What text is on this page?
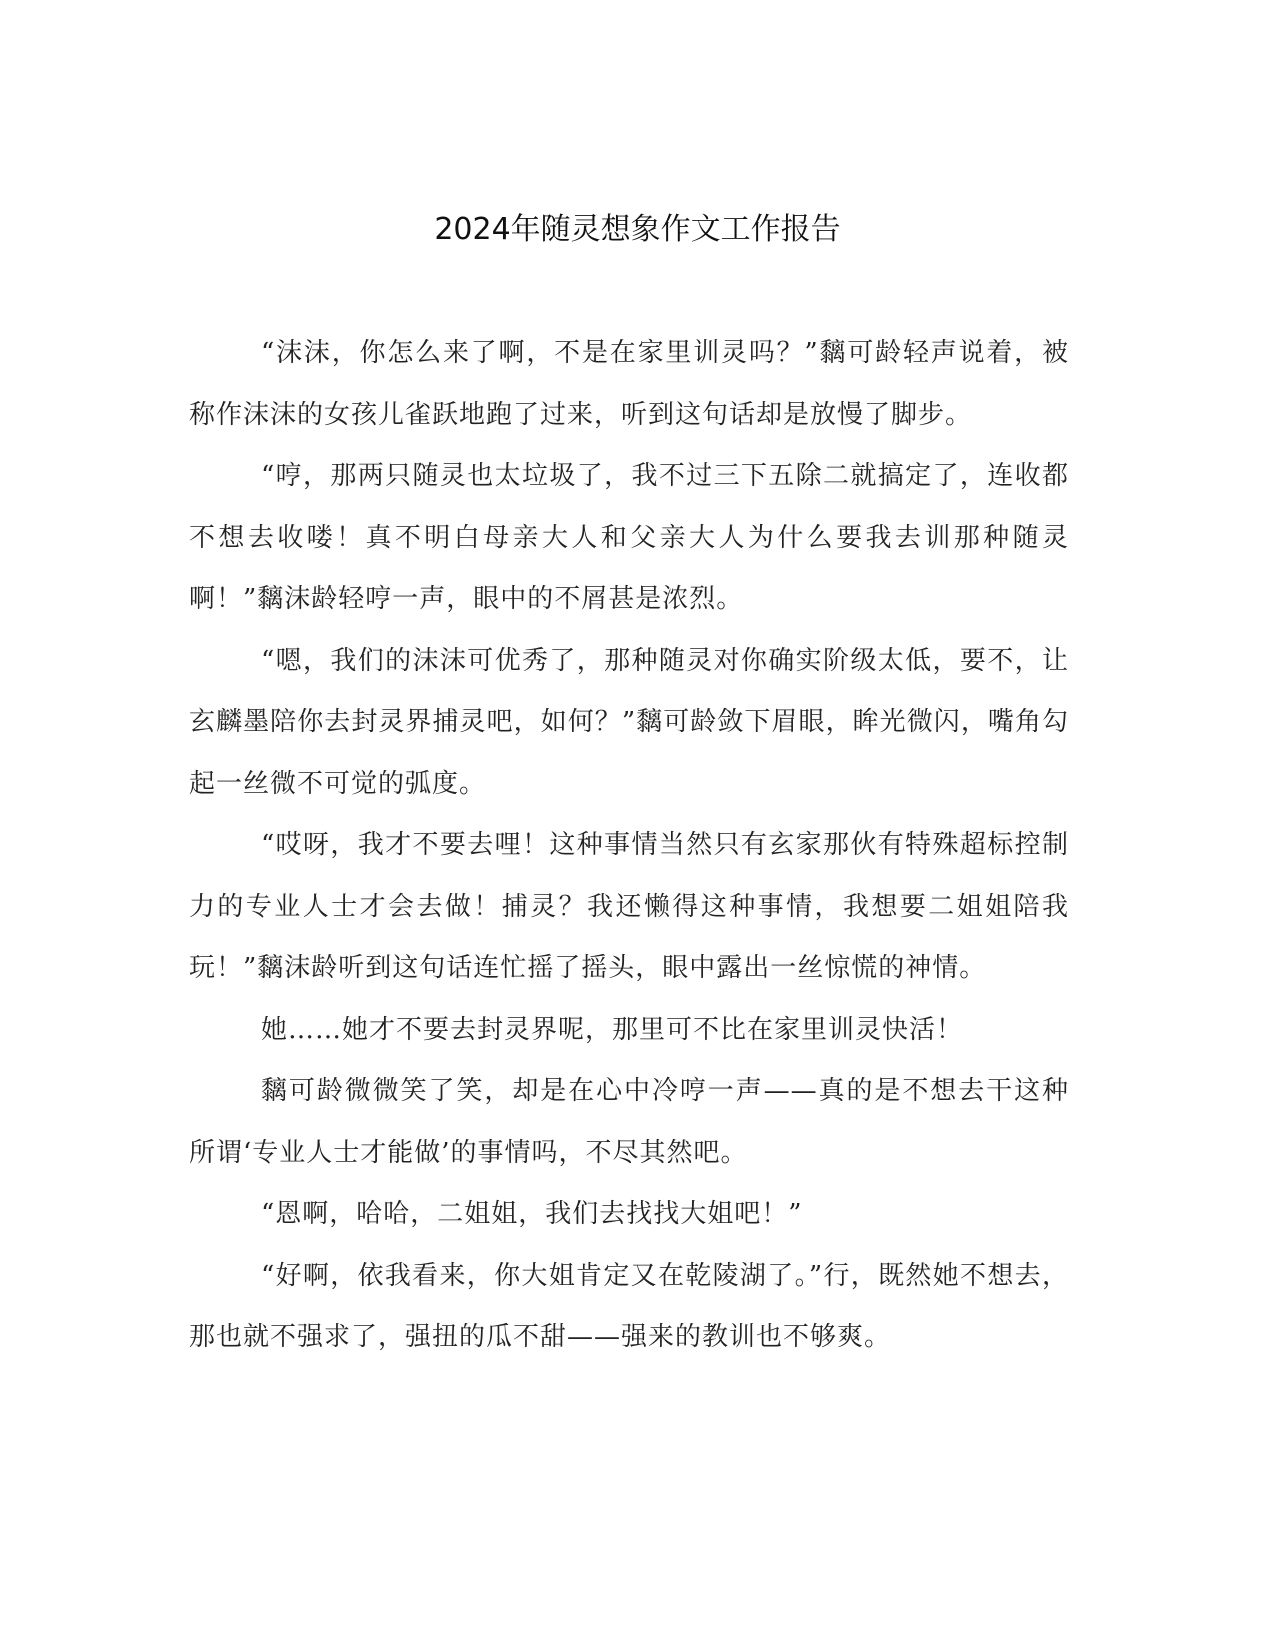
2024年随灵想象作文工作报告

“沫沫，你怎么来了啊，不是在家里训灵吗？”黐可龄轻声说着，被称作沫沫的女孩儿雀跃地跑了过来，听到这句话却是放慢了脚步。

“哼，那两只随灵也太垃圾了，我不过三下五除二就搞定了，连收都不想去收喽！真不明白母亲大人和父亲大人为什么要我去训那种随灵啊！”黐沫龄轻哼一声，眼中的不屑甚是浓烈。

“嗯，我们的沫沫可优秀了，那种随灵对你确实阶级太低，要不，让玄麟墨陪你去封灵界捕灵吧，如何？”黐可龄敛下眉眼，眸光微闪，嘴角勾起一丝微不可觉的弧度。

“哎呀，我才不要去哩！这种事情当然只有玄家那伙有特殊超标控制力的专业人士才会去做！捕灵？我还懒得这种事情，我想要二姐姐陪我玩！”黐沫龄听到这句话连忙摇了摇头，眼中露出一丝惊慌的神情。

她……她才不要去封灵界呢，那里可不比在家里训灵快活！

黐可龄微微笑了笑，却是在心中冷哼一声——真的是不想去干这种所谓‘专业人士才能做’的事情吗，不尽其然吧。

“恩啊，哈哈，二姐姐，我们去找找大姐吧！”

“好啊，依我看来，你大姐肯定又在乾陵湖了。”行，既然她不想去，那也就不强求了，强扭的瓜不甜——强来的教训也不够爽。
